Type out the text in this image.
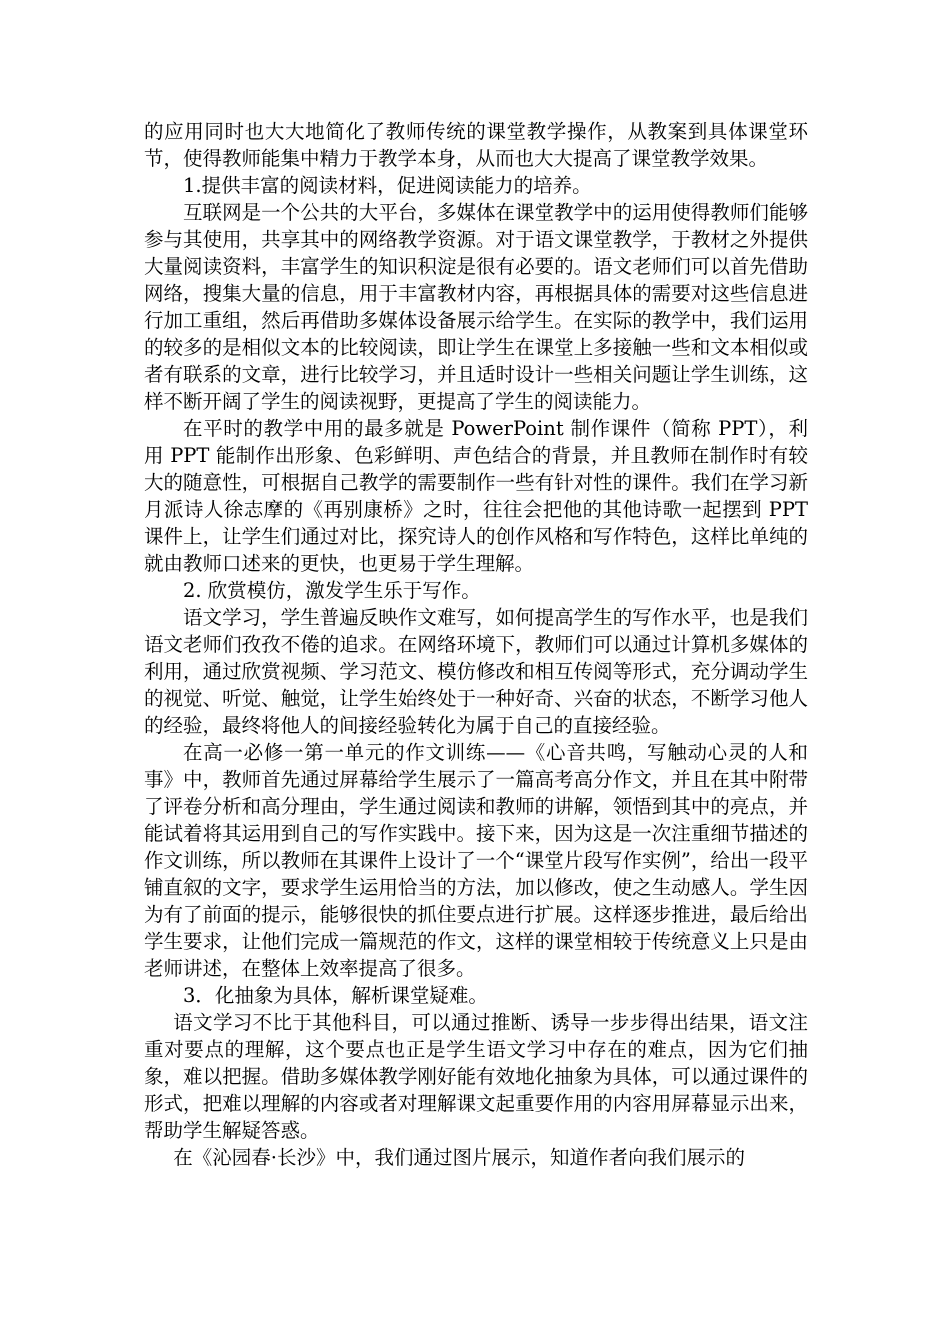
的应用同时也大大地简化了教师传统的课堂教学操作，从教案到具体课堂环节，使得教师能集中精力于教学本身，从而也大大提高了课堂教学效果。

1.提供丰富的阅读材料，促进阅读能力的培养。

互联网是一个公共的大平台，多媒体在课堂教学中的运用使得教师们能够参与其使用，共享其中的网络教学资源。对于语文课堂教学，于教材之外提供大量阅读资料，丰富学生的知识积淀是很有必要的。语文老师们可以首先借助网络，搜集大量的信息，用于丰富教材内容，再根据具体的需要对这些信息进行加工重组，然后再借助多媒体设备展示给学生。在实际的教学中，我们运用的较多的是相似文本的比较阅读，即让学生在课堂上多接触一些和文本相似或者有联系的文章，进行比较学习，并且适时设计一些相关问题让学生训练，这样不断开阔了学生的阅读视野，更提高了学生的阅读能力。

在平时的教学中用的最多就是 PowerPoint 制作课件（简称 PPT），利用 PPT 能制作出形象、色彩鲜明、声色结合的背景，并且教师在制作时有较大的随意性，可根据自己教学的需要制作一些有针对性的课件。我们在学习新月派诗人徐志摩的《再别康桥》之时，往往会把他的其他诗歌一起摆到 PPT 课件上，让学生们通过对比，探究诗人的创作风格和写作特色，这样比单纯的就由教师口述来的更快，也更易于学生理解。

2. 欣赏模仿，激发学生乐于写作。

语文学习，学生普遍反映作文难写，如何提高学生的写作水平，也是我们语文老师们孜孜不倦的追求。在网络环境下，教师们可以通过计算机多媒体的利用，通过欣赏视频、学习范文、模仿修改和相互传阅等形式，充分调动学生的视觉、听觉、触觉，让学生始终处于一种好奇、兴奋的状态，不断学习他人的经验，最终将他人的间接经验转化为属于自己的直接经验。

在高一必修一第一单元的作文训练——《心音共鸣，写触动心灵的人和事》中，教师首先通过屏幕给学生展示了一篇高考高分作文，并且在其中附带了评卷分析和高分理由，学生通过阅读和教师的讲解，领悟到其中的亮点，并能试着将其运用到自己的写作实践中。接下来，因为这是一次注重细节描述的作文训练，所以教师在其课件上设计了一个“课堂片段写作实例”，给出一段平铺直叙的文字，要求学生运用恰当的方法，加以修改，使之生动感人。学生因为有了前面的提示，能够很快的抓住要点进行扩展。这样逐步推进，最后给出学生要求，让他们完成一篇规范的作文，这样的课堂相较于传统意义上只是由老师讲述，在整体上效率提高了很多。

3．化抽象为具体，解析课堂疑难。

语文学习不比于其他科目，可以通过推断、诱导一步步得出结果，语文注重对要点的理解，这个要点也正是学生语文学习中存在的难点，因为它们抽象，难以把握。借助多媒体教学刚好能有效地化抽象为具体，可以通过课件的形式，把难以理解的内容或者对理解课文起重要作用的内容用屏幕显示出来，帮助学生解疑答惑。

在《沁园春·长沙》中，我们通过图片展示，知道作者向我们展示的
